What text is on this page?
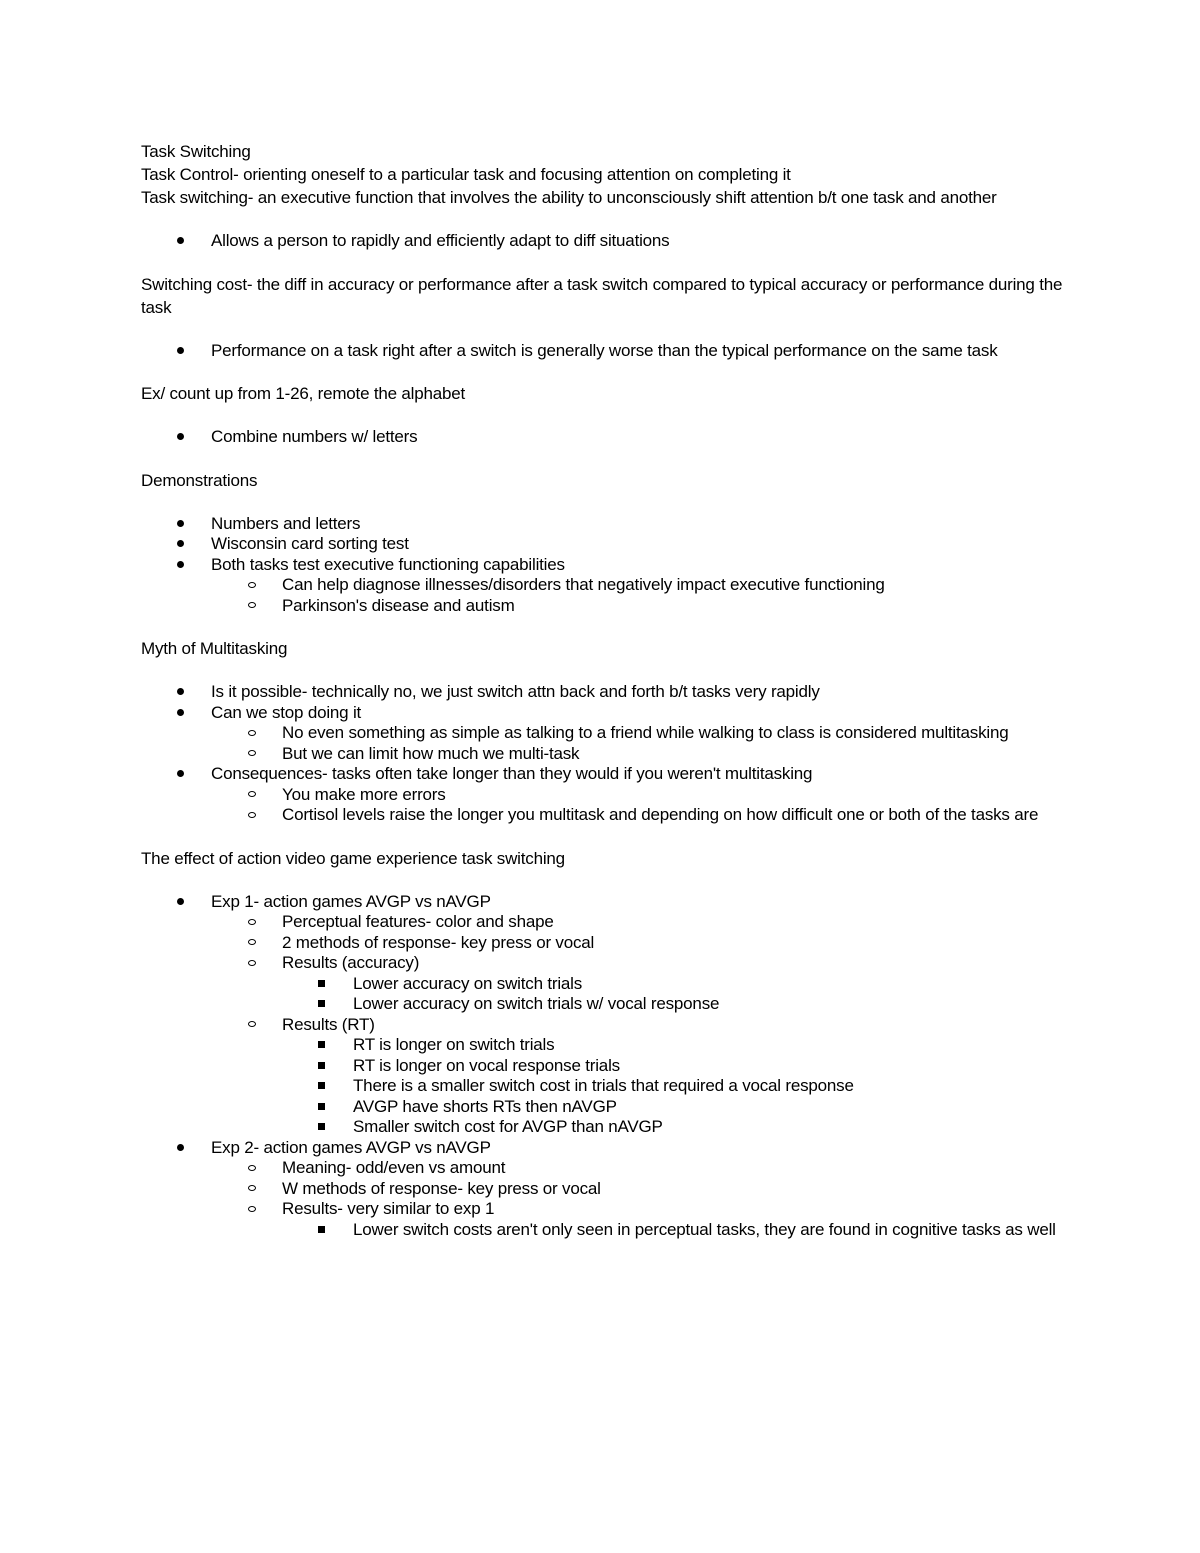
Task Switching

Task Control- orienting oneself to a particular task and focusing attention on completing it

Task switching- an executive function that involves the ability to unconsciously shift attention b/t one task and another

Allows a person to rapidly and efficiently adapt to diff situations

Switching cost- the diff in accuracy or performance after a task switch compared to typical accuracy or performance during the task

Performance on a task right after a switch is generally worse than the typical performance on the same task

Ex/ count up from 1-26, remote the alphabet

Combine numbers w/ letters

Demonstrations

Numbers and letters
Wisconsin card sorting test
Both tasks test executive functioning capabilities
Can help diagnose illnesses/disorders that negatively impact executive functioning
Parkinson's disease and autism

Myth of Multitasking

Is it possible- technically no, we just switch attn back and forth b/t tasks very rapidly
Can we stop doing it
No even something as simple as talking to a friend while walking to class is considered multitasking
But we can limit how much we multi-task
Consequences- tasks often take longer than they would if you weren't multitasking
You make more errors
Cortisol levels raise the longer you multitask and depending on how difficult one or both of the tasks are

The effect of action video game experience task switching

Exp 1- action games AVGP vs nAVGP
Perceptual features- color and shape
2 methods of response- key press or vocal
Results (accuracy)
Lower accuracy on switch trials
Lower accuracy on switch trials w/ vocal response
Results (RT)
RT is longer on switch trials
RT is longer on vocal response trials
There is a smaller switch cost in trials that required a vocal response
AVGP have shorts RTs then nAVGP
Smaller switch cost for AVGP than nAVGP
Exp 2- action games AVGP vs nAVGP
Meaning- odd/even vs amount
W methods of response- key press or vocal
Results- very similar to exp 1
Lower switch costs aren't only seen in perceptual tasks, they are found in cognitive tasks as well
